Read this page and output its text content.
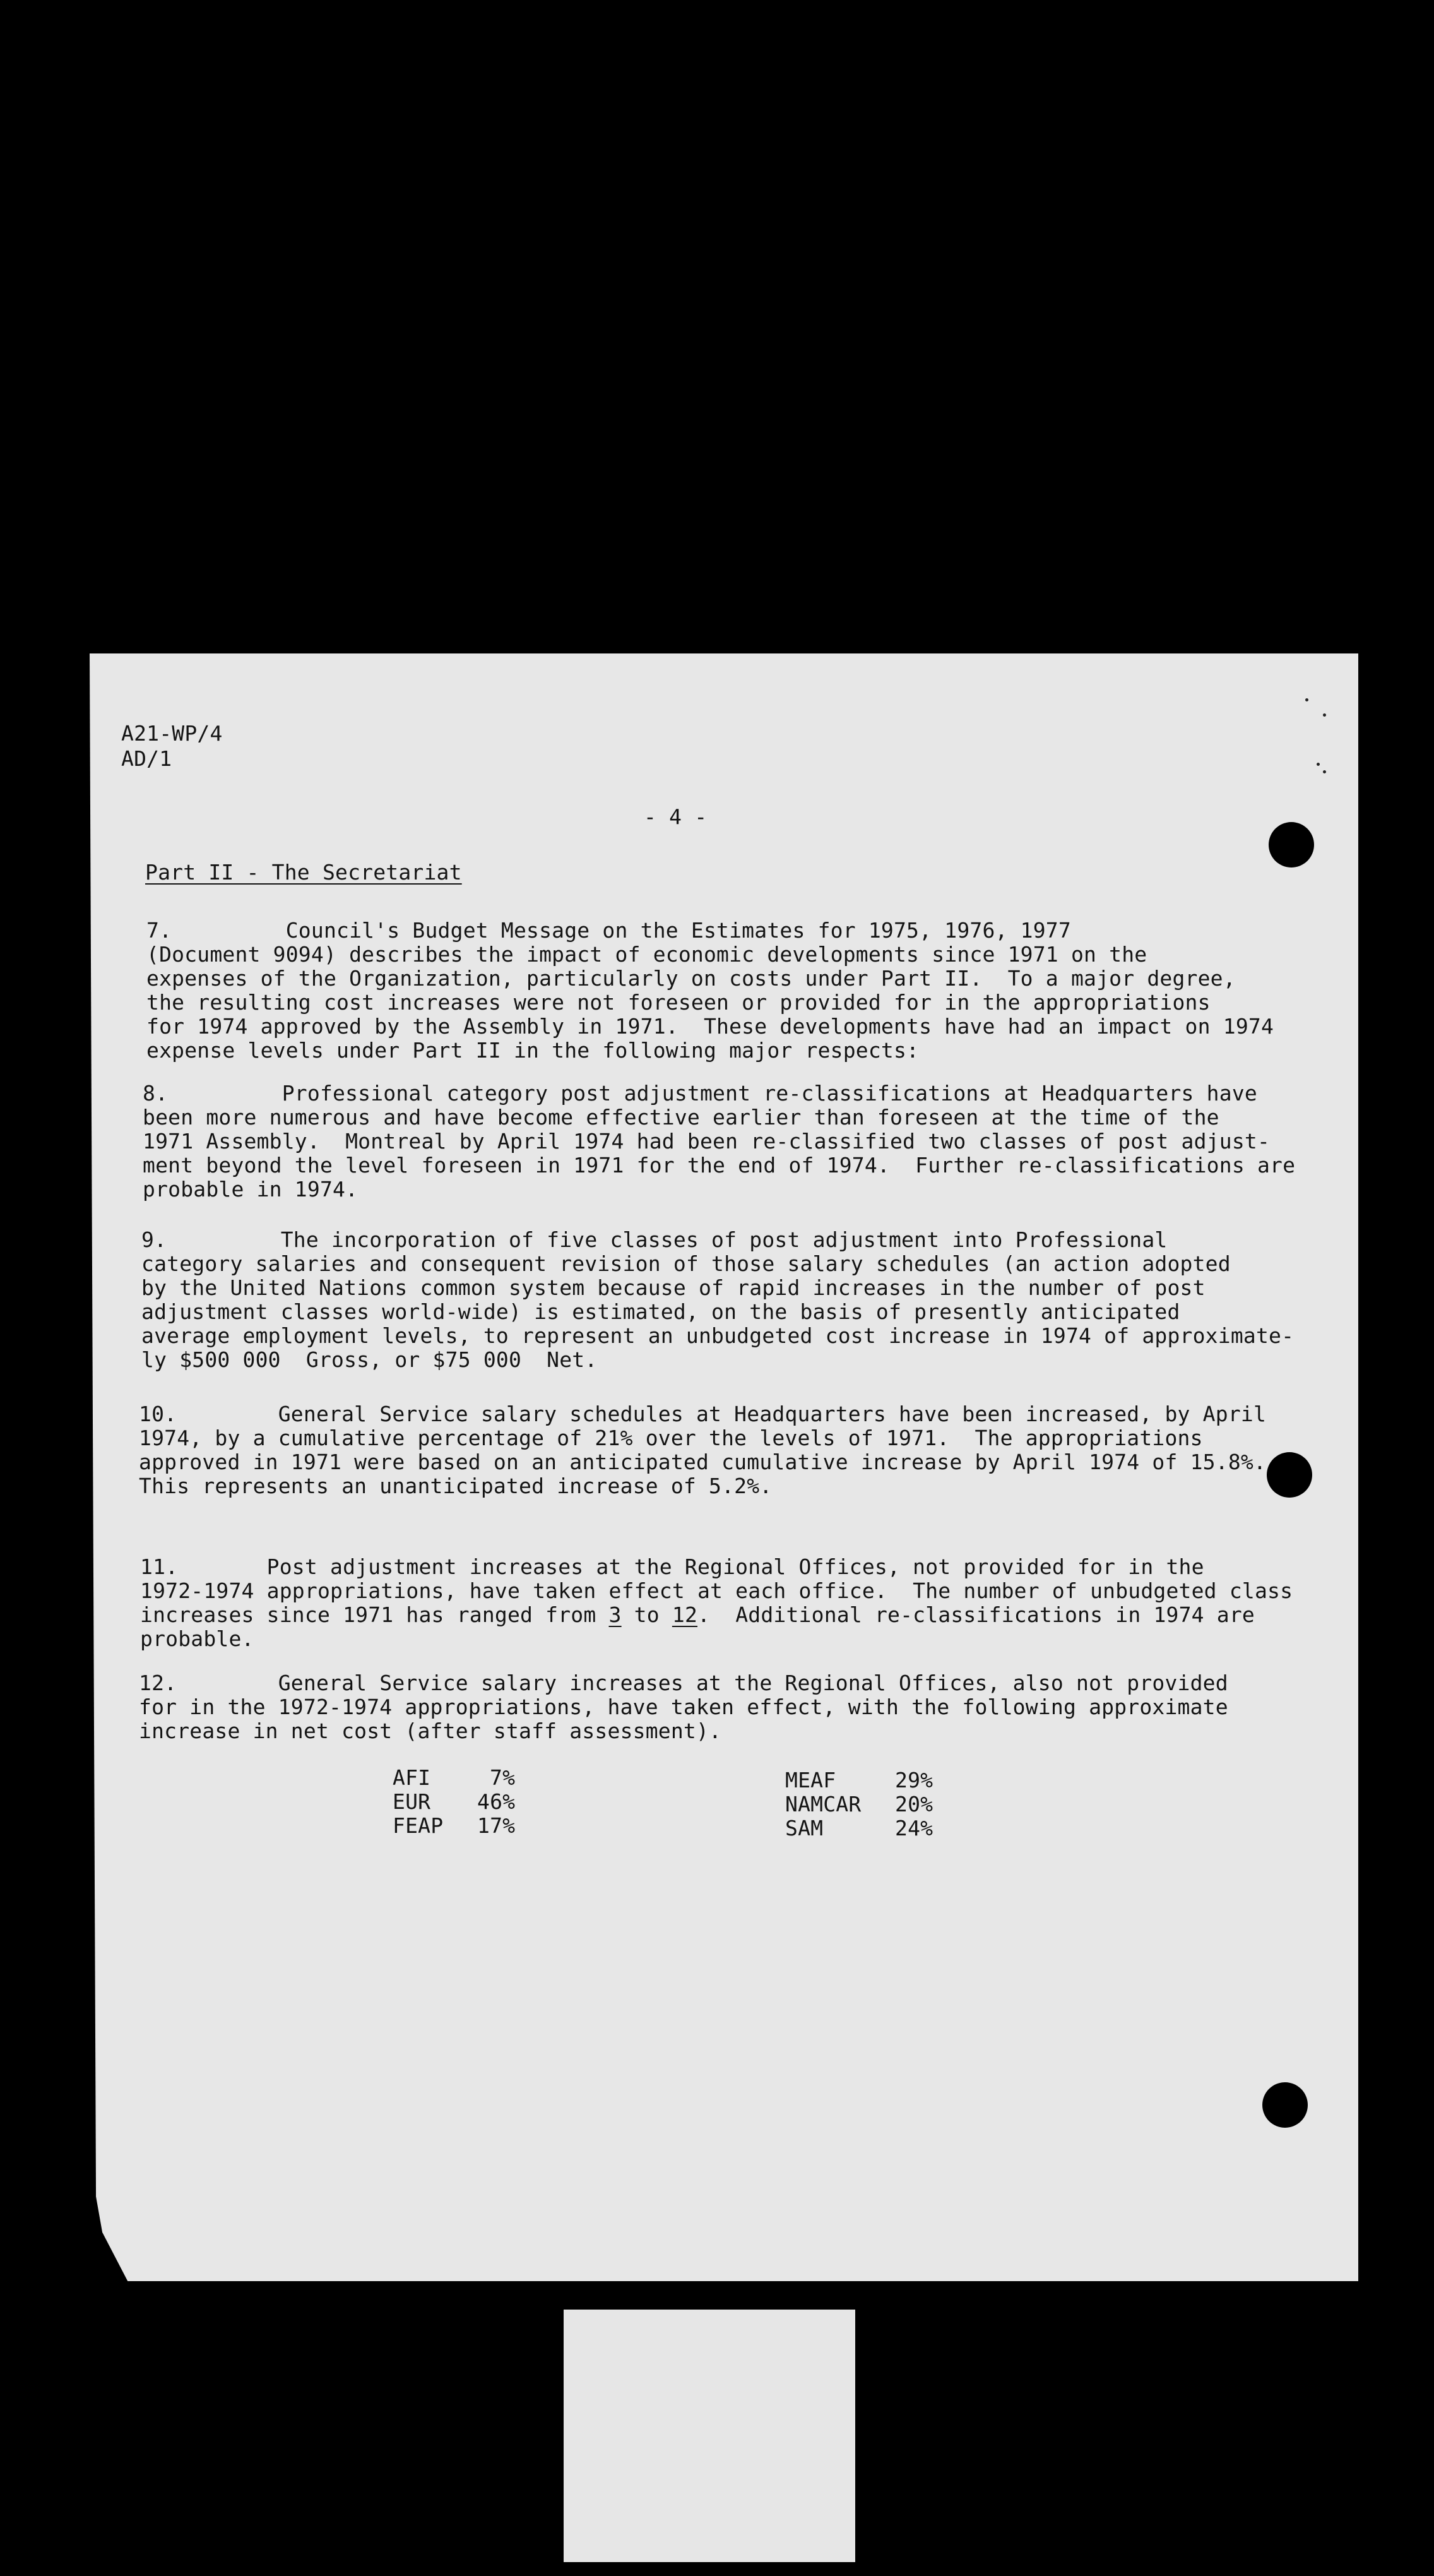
A21-WP/4
AD/1
- 4 -
Part II - The Secretariat
7.         Council's Budget Message on the Estimates for 1975, 1976, 1977
(Document 9094) describes the impact of economic developments since 1971 on the
expenses of the Organization, particularly on costs under Part II.  To a major degree,
the resulting cost increases were not foreseen or provided for in the appropriations
for 1974 approved by the Assembly in 1971.  These developments have had an impact on 1974
expense levels under Part II in the following major respects:
8.         Professional category post adjustment re-classifications at Headquarters have
been more numerous and have become effective earlier than foreseen at the time of the
1971 Assembly.  Montreal by April 1974 had been re-classified two classes of post adjust-
ment beyond the level foreseen in 1971 for the end of 1974.  Further re-classifications are
probable in 1974.
9.         The incorporation of five classes of post adjustment into Professional
category salaries and consequent revision of those salary schedules (an action adopted
by the United Nations common system because of rapid increases in the number of post
adjustment classes world-wide) is estimated, on the basis of presently anticipated
average employment levels, to represent an unbudgeted cost increase in 1974 of approximate-
ly $500 000  Gross, or $75 000  Net.
10.        General Service salary schedules at Headquarters have been increased, by April
1974, by a cumulative percentage of 21% over the levels of 1971.  The appropriations
approved in 1971 were based on an anticipated cumulative increase by April 1974 of 15.8%.
This represents an unanticipated increase of 5.2%.
11.       Post adjustment increases at the Regional Offices, not provided for in the
1972-1974 appropriations, have taken effect at each office.  The number of unbudgeted class
increases since 1971 has ranged from 3 to 12.  Additional re-classifications in 1974 are
probable.
12.        General Service salary increases at the Regional Offices, also not provided
for in the 1972-1974 appropriations, have taken effect, with the following approximate
increase in net cost (after staff assessment).
AFI	7%
EUR 46%
FEAP 17%
MEAF	29%
NAMCAR 20%
SAM	24%
